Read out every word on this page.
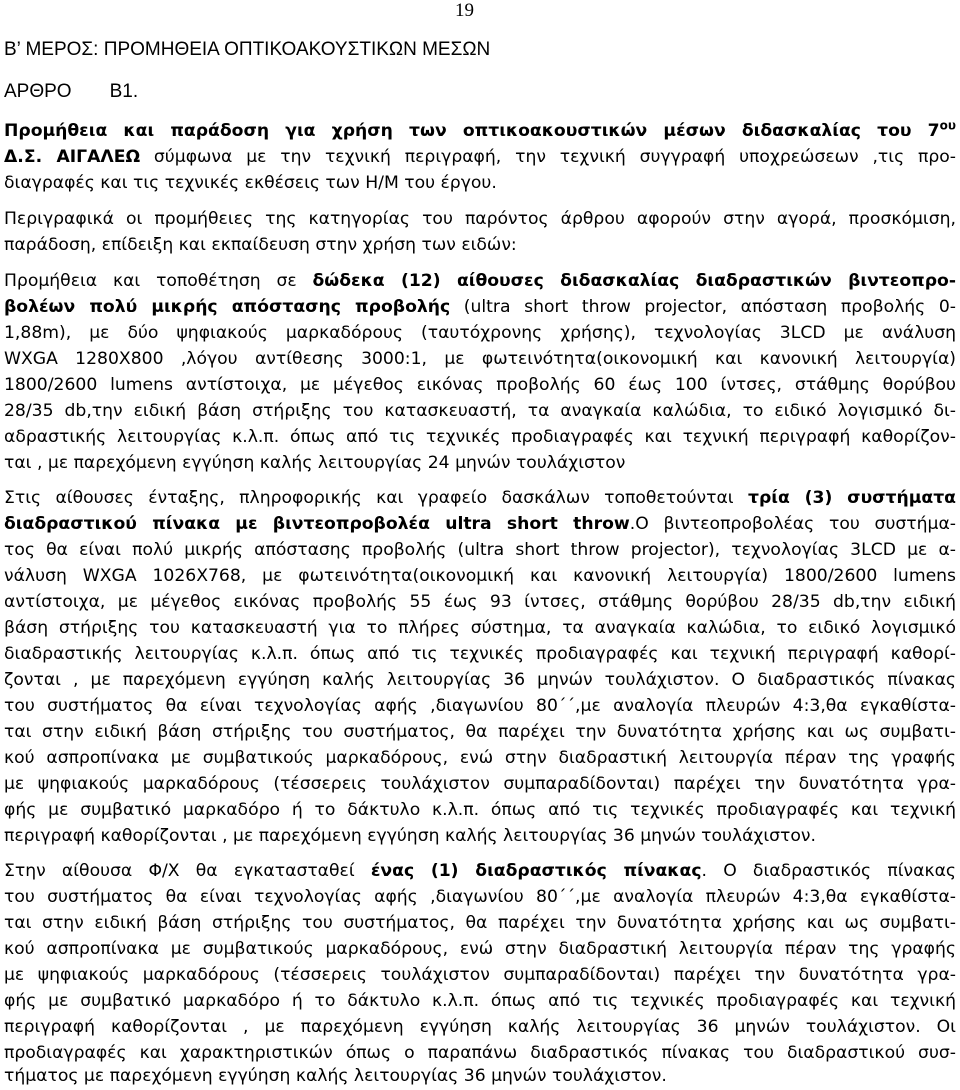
19
Β’ ΜΕΡΟΣ: ΠΡΟΜΗΘΕΙΑ ΟΠΤΙΚΟΑΚΟΥΣΤΙΚΩΝ ΜΕΣΩΝ
ΑΡΘΡΟ Β1.
Προμήθεια και παράδοση για χρήση των οπτικοακουστικών μέσων διδασκαλίας του $7^{o\upsilon}$
Δ.Σ. ΑΙΓΑΛΕΩ σύμφωνα με την τεχνική περιγραφή, την τεχνική συγγραφή υποχρεώσεων ,τις προ-
διαγραφές και τις τεχνικές εκθέσεις των Η/Μ του έργου.
Περιγραφικά οι προμήθειες της κατηγορίας του παρόντος άρθρου αφορούν στην αγορά, προσκόμιση,
παράδοση, επίδειξη και εκπαίδευση στην χρήση των ειδών:
Προμήθεια και τοποθέτηση σε δώδεκα (12) αίθουσες διδασκαλίας διαδραστικών βιντεοπρο-
βολέων πολύ μικρής απόστασης προβολής (ultra short throw projector, απόσταση προβολής 0-
1,88m), με δύο ψηφιακούς μαρκαδόρους (ταυτόχρονης χρήσης), τεχνολογίας 3LCD με ανάλυση
WXGA 1280X800 ,λόγου αντίθεσης 3000:1, με φωτεινότητα(οικονομική και κανονική λειτουργία)
1800/2600 lumens αντίστοιχα, με μέγεθος εικόνας προβολής 60 έως 100 ίντσες, στάθμης θορύβου
28/35 db,την ειδική βάση στήριξης του κατασκευαστή, τα αναγκαία καλώδια, το ειδικό λογισμικό δι-
αδραστικής λειτουργίας κ.λ.π. όπως από τις τεχνικές προδιαγραφές και τεχνική περιγραφή καθορίζον-
ται , με παρεχόμενη εγγύηση καλής λειτουργίας 24 μηνών τουλάχιστον
Στις αίθουσες ένταξης, πληροφορικής και γραφείο δασκάλων τοποθετούνται τρία (3) συστήματα
διαδραστικού πίνακα με βιντεοπροβολέα ultra short throw.Ο βιντεοπροβολέας του συστήμα-
τος θα είναι πολύ μικρής απόστασης προβολής (ultra short throw projector), τεχνολογίας 3LCD με α-
νάλυση WXGA 1026X768, με φωτεινότητα(οικονομική και κανονική λειτουργία) 1800/2600 lumens
αντίστοιχα, με μέγεθος εικόνας προβολής 55 έως 93 ίντσες, στάθμης θορύβου 28/35 db,την ειδική
βάση στήριξης του κατασκευαστή για το πλήρες σύστημα, τα αναγκαία καλώδια, το ειδικό λογισμικό
διαδραστικής λειτουργίας κ.λ.π. όπως από τις τεχνικές προδιαγραφές και τεχνική περιγραφή καθορί-
ζονται , με παρεχόμενη εγγύηση καλής λειτουργίας 36 μηνών τουλάχιστον. Ο διαδραστικός πίνακας
του συστήματος θα είναι τεχνολογίας αφής ,διαγωνίου 80΄΄,με αναλογία πλευρών 4:3,θα εγκαθίστα-
ται στην ειδική βάση στήριξης του συστήματος, θα παρέχει την δυνατότητα χρήσης και ως συμβατι-
κού ασπροπίνακα με συμβατικούς μαρκαδόρους, ενώ στην διαδραστική λειτουργία πέραν της γραφής
με ψηφιακούς μαρκαδόρους (τέσσερεις τουλάχιστον συμπαραδίδονται) παρέχει την δυνατότητα γρα-
φής με συμβατικό μαρκαδόρο ή το δάκτυλο κ.λ.π. όπως από τις τεχνικές προδιαγραφές και τεχνική
περιγραφή καθορίζονται , με παρεχόμενη εγγύηση καλής λειτουργίας 36 μηνών τουλάχιστον.
Στην αίθουσα Φ/Χ θα εγκατασταθεί ένας (1) διαδραστικός πίνακας. Ο διαδραστικός πίνακας
του συστήματος θα είναι τεχνολογίας αφής ,διαγωνίου 80΄΄,με αναλογία πλευρών 4:3,θα εγκαθίστα-
ται στην ειδική βάση στήριξης του συστήματος, θα παρέχει την δυνατότητα χρήσης και ως συμβατι-
κού ασπροπίνακα με συμβατικούς μαρκαδόρους, ενώ στην διαδραστική λειτουργία πέραν της γραφής
με ψηφιακούς μαρκαδόρους (τέσσερεις τουλάχιστον συμπαραδίδονται) παρέχει την δυνατότητα γρα-
φής με συμβατικό μαρκαδόρο ή το δάκτυλο κ.λ.π. όπως από τις τεχνικές προδιαγραφές και τεχνική
περιγραφή καθορίζονται , με παρεχόμενη εγγύηση καλής λειτουργίας 36 μηνών τουλάχιστον. Οι
προδιαγραφές και χαρακτηριστικών όπως ο παραπάνω διαδραστικός πίνακας του διαδραστικού συσ-
τήματος με παρεχόμενη εγγύηση καλής λειτουργίας 36 μηνών τουλάχιστον.
